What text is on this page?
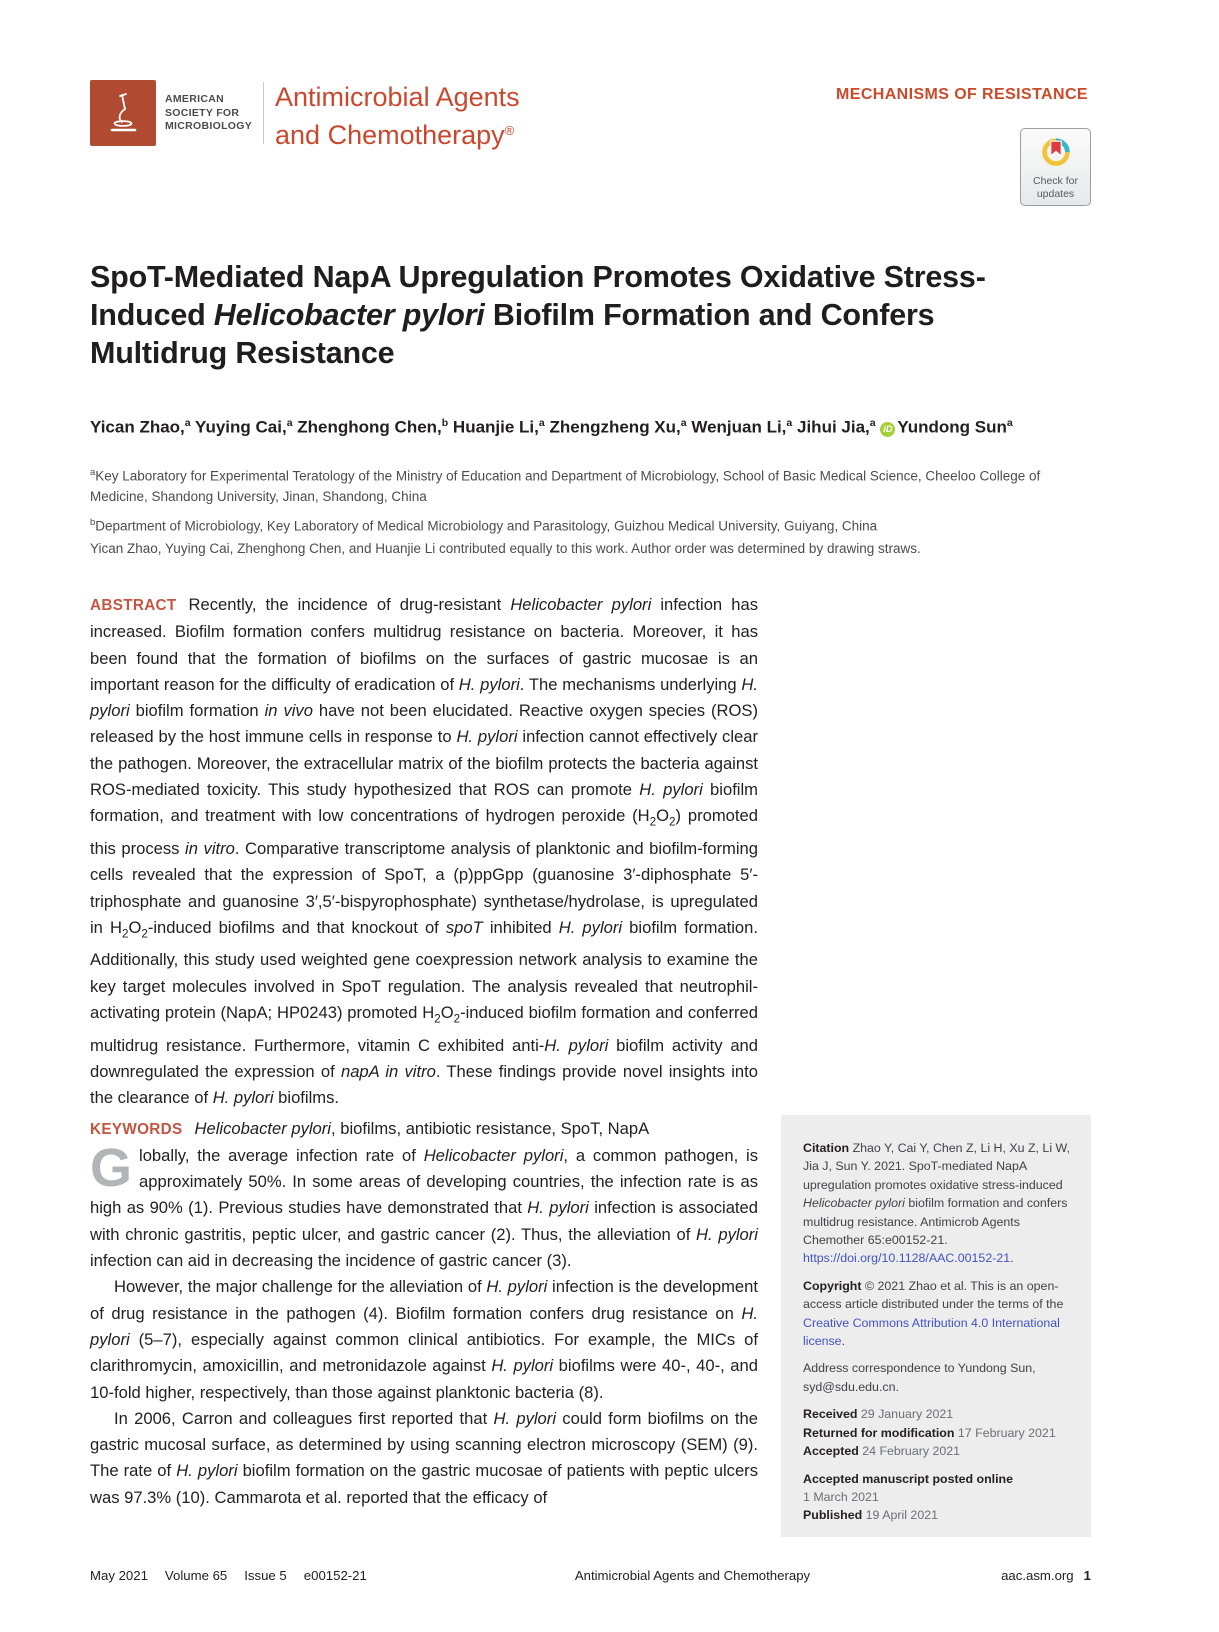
AMERICAN
SOCIETY FOR
MICROBIOLOGY
Antimicrobial Agents
and Chemotherapy®
MECHANISMS OF RESISTANCE
Check for
updates
SpoT-Mediated NapA Upregulation Promotes Oxidative Stress-
Induced Helicobacter pylori Biofilm Formation and Confers
Multidrug Resistance
Yican Zhao,$^a$ Yuying Cai,$^a$ Zhenghong Chen,$^b$ Huanjie Li,$^a$ Zhengzheng Xu,$^a$ Wenjuan Li,$^a$ Jihui Jia,$^a$ iD Yundong Sun$^a$
$^a$Key Laboratory for Experimental Teratology of the Ministry of Education and Department of Microbiology, School of Basic Medical Science, Cheeloo College of Medicine, Shandong University, Jinan, Shandong, China
$^b$Department of Microbiology, Key Laboratory of Medical Microbiology and Parasitology, Guizhou Medical University, Guiyang, China
Yican Zhao, Yuying Cai, Zhenghong Chen, and Huanjie Li contributed equally to this work. Author order was determined by drawing straws.

ABSTRACT Recently, the incidence of drug-resistant Helicobacter pylori infection has increased. Biofilm formation confers multidrug resistance on bacteria. Moreover, it has been found that the formation of biofilms on the surfaces of gastric mucosae is an important reason for the difficulty of eradication of H. pylori. The mechanisms underlying H. pylori biofilm formation in vivo have not been elucidated. Reactive oxygen species (ROS) released by the host immune cells in response to H. pylori infection cannot effectively clear the pathogen. Moreover, the extracellular matrix of the biofilm protects the bacteria against ROS-mediated toxicity. This study hypothesized that ROS can promote H. pylori biofilm formation, and treatment with low concentrations of hydrogen peroxide $(H_2O_2)$ promoted this process in vitro. Comparative transcriptome analysis of planktonic and biofilm-forming cells revealed that the expression of SpoT, a (p)ppGpp (guanosine 3′-diphosphate 5′-triphosphate and guanosine 3′,5′-bispyrophosphate) synthetase/hydrolase, is upregulated in $H_2O_2$-induced biofilms and that knockout of spoT inhibited H. pylori biofilm formation. Additionally, this study used weighted gene coexpression network analysis to examine the key target molecules involved in SpoT regulation. The analysis revealed that neutrophil-activating protein (NapA; HP0243) promoted $H_2O_2$-induced biofilm formation and conferred multidrug resistance. Furthermore, vitamin C exhibited anti-H. pylori biofilm activity and downregulated the expression of napA in vitro. These findings provide novel insights into the clearance of H. pylori biofilms.

KEYWORDS Helicobacter pylori, biofilms, antibiotic resistance, SpoT, NapA

Globally, the average infection rate of Helicobacter pylori, a common pathogen, is approximately 50%. In some areas of developing countries, the infection rate is as high as 90% (1). Previous studies have demonstrated that H. pylori infection is associated with chronic gastritis, peptic ulcer, and gastric cancer (2). Thus, the alleviation of H. pylori infection can aid in decreasing the incidence of gastric cancer (3).

However, the major challenge for the alleviation of H. pylori infection is the development of drug resistance in the pathogen (4). Biofilm formation confers drug resistance on H. pylori (5–7), especially against common clinical antibiotics. For example, the MICs of clarithromycin, amoxicillin, and metronidazole against H. pylori biofilms were 40-, 40-, and 10-fold higher, respectively, than those against planktonic bacteria (8).

In 2006, Carron and colleagues first reported that H. pylori could form biofilms on the gastric mucosal surface, as determined by using scanning electron microscopy (SEM) (9). The rate of H. pylori biofilm formation on the gastric mucosae of patients with peptic ulcers was 97.3% (10). Cammarota et al. reported that the efficacy of

Citation Zhao Y, Cai Y, Chen Z, Li H, Xu Z, Li W, Jia J, Sun Y. 2021. SpoT-mediated NapA upregulation promotes oxidative stress-induced Helicobacter pylori biofilm formation and confers multidrug resistance. Antimicrob Agents Chemother 65:e00152-21. https://doi.org/10.1128/AAC.00152-21.

Copyright © 2021 Zhao et al. This is an open-access article distributed under the terms of the Creative Commons Attribution 4.0 International license.

Address correspondence to Yundong Sun, syd@sdu.edu.cn.

Received 29 January 2021

Returned for modification 17 February 2021

Accepted 24 February 2021

Accepted manuscript posted online

1 March 2021

Published 19 April 2021

May 2021 Volume 65 Issue 5 e00152-21	Antimicrobial Agents and Chemotherapy	aac.asm.org 1
